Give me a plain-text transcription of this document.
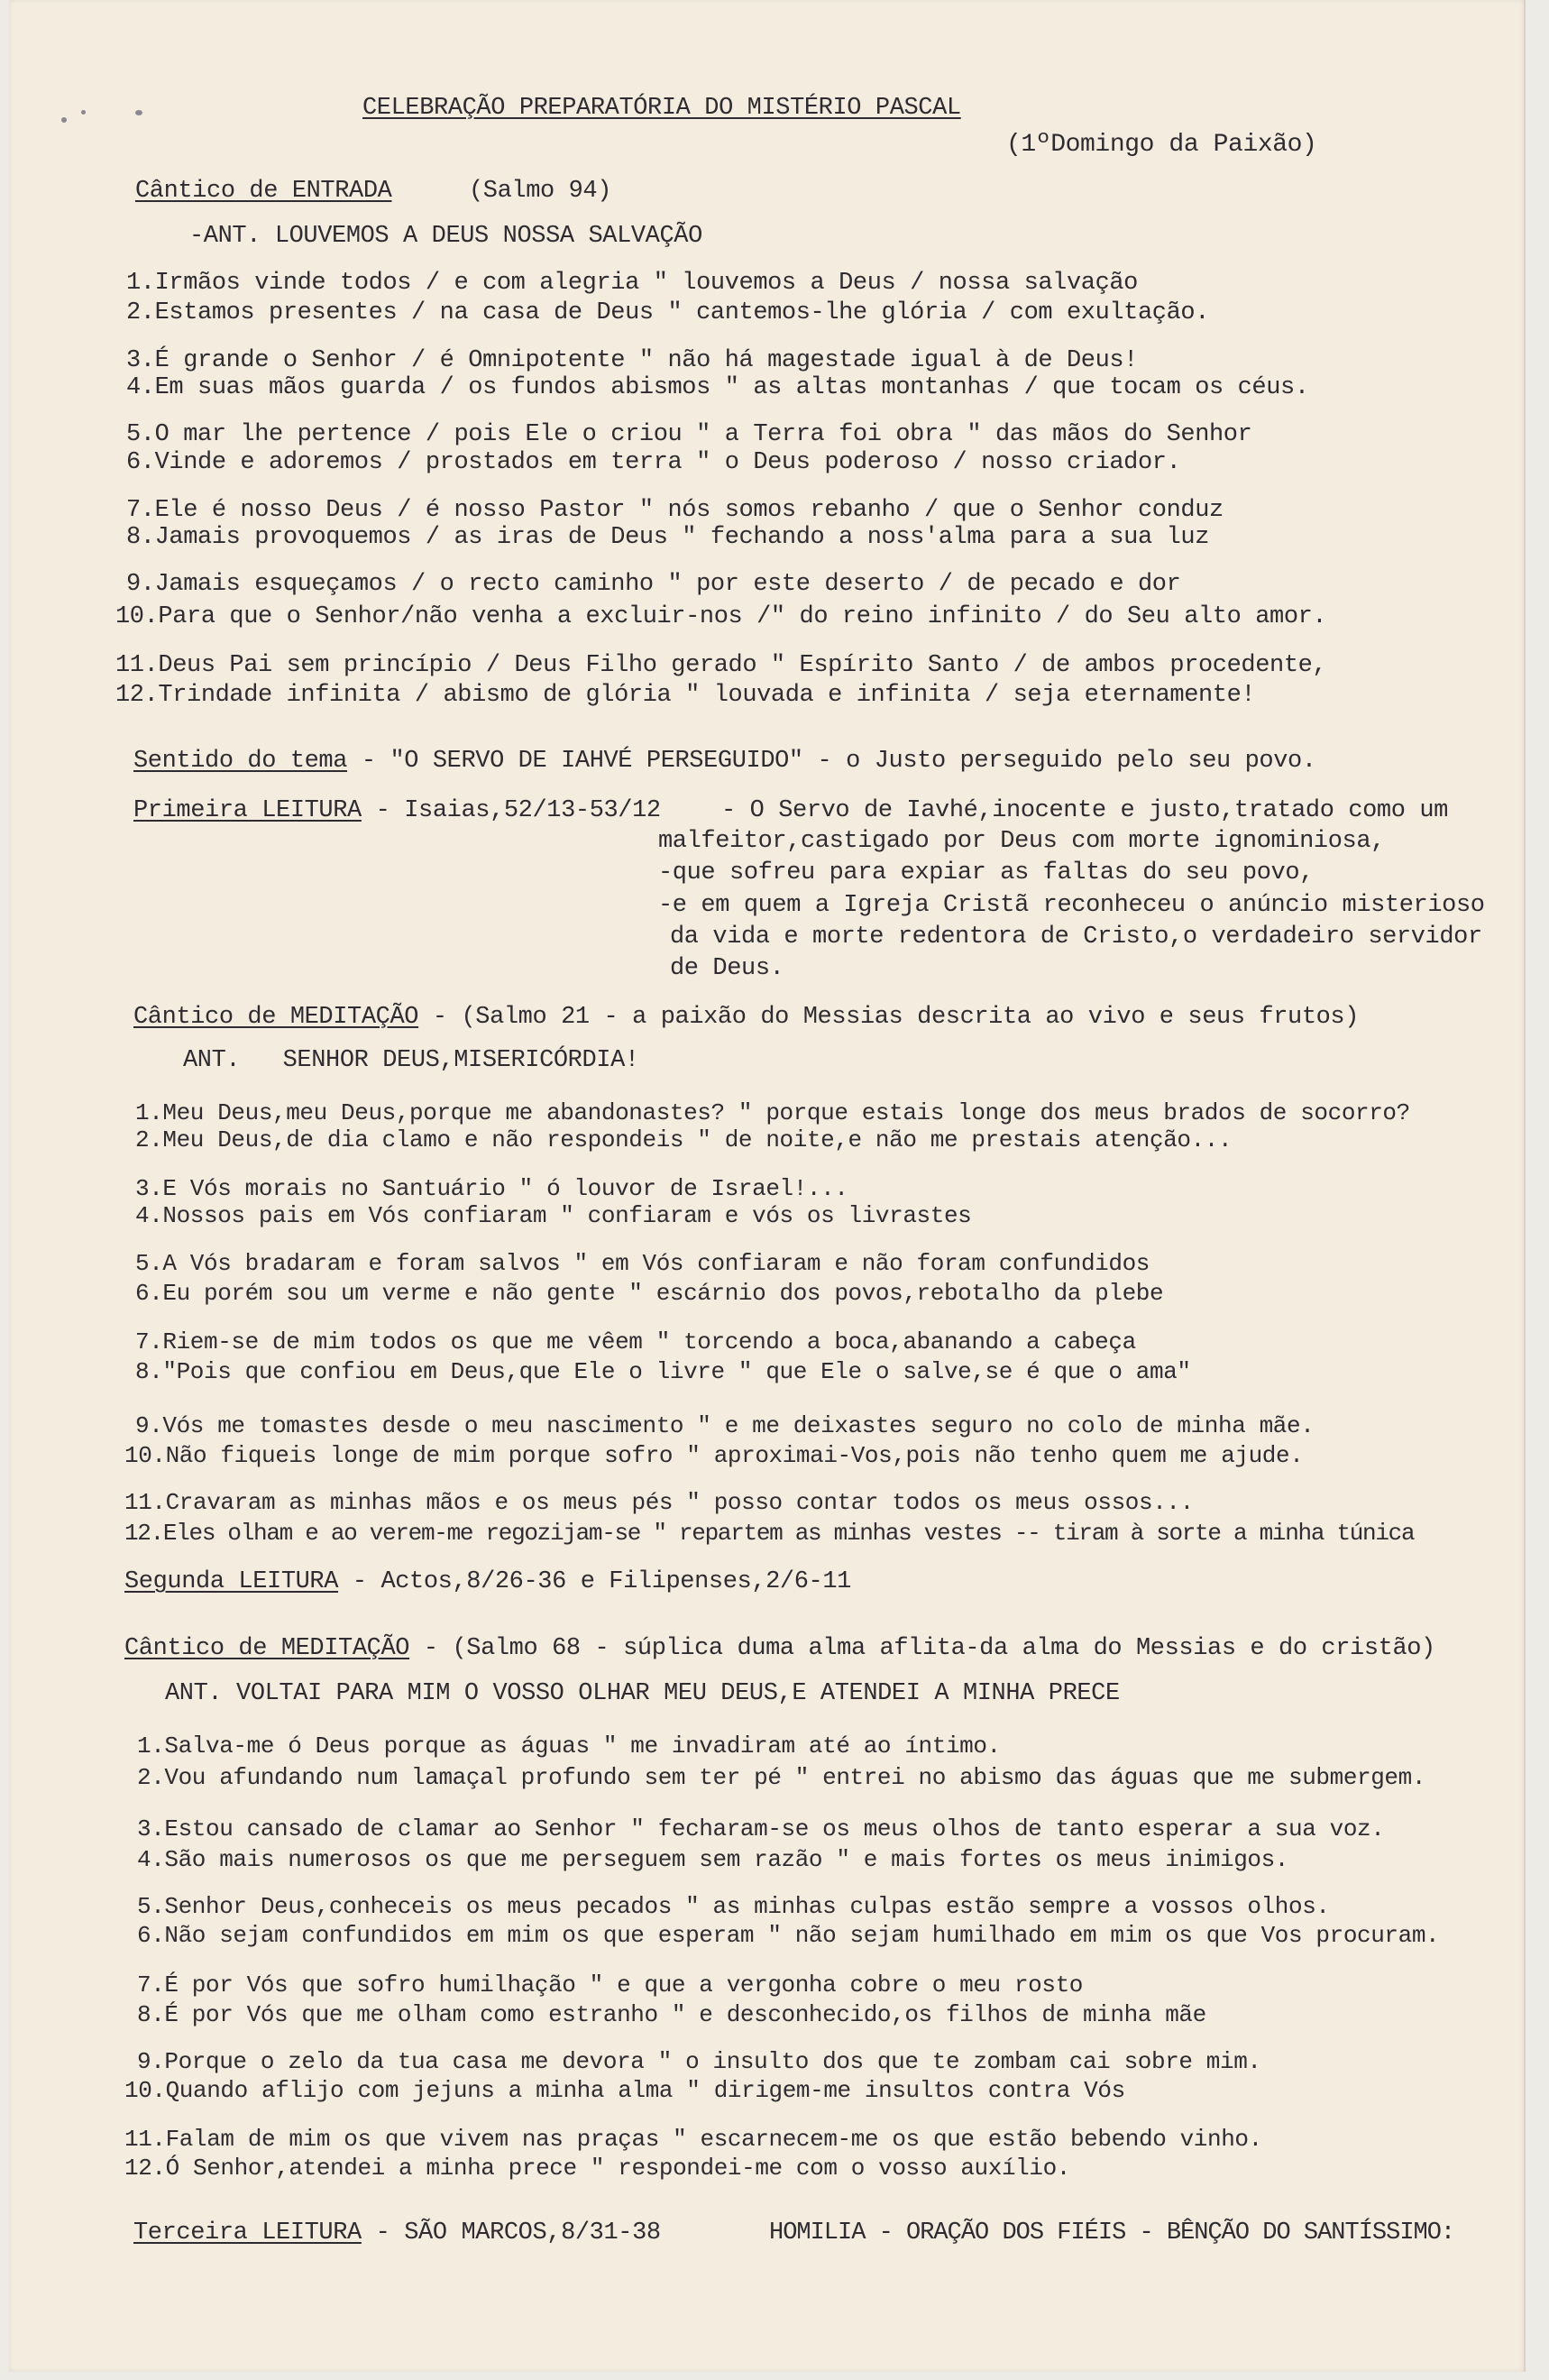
CELEBRAÇÃO PREPARATÓRIA DO MISTÉRIO PASCAL
(1ºDomingo da Paixão)
Cântico de ENTRADA	(Salmo 94)
-ANT. LOUVEMOS A DEUS NOSSA SALVAÇÃO
1.Irmãos vinde todos / e com alegria " louvemos a Deus / nossa salvação
2.Estamos presentes / na casa de Deus " cantemos-lhe glória / com exultação.
3.É grande o Senhor / é Omnipotente " não há magestade igual à de Deus!
4.Em suas mãos guarda / os fundos abismos " as altas montanhas / que tocam os céus.
5.O mar lhe pertence / pois Ele o criou " a Terra foi obra " das mãos do Senhor
6.Vinde e adoremos / prostados em terra " o Deus poderoso / nosso criador.
7.Ele é nosso Deus / é nosso Pastor " nós somos rebanho / que o Senhor conduz
8.Jamais provoquemos / as iras de Deus " fechando a noss'alma para a sua luz
9.Jamais esqueçamos / o recto caminho " por este deserto / de pecado e dor
10.Para que o Senhor/não venha a excluir-nos /" do reino infinito / do Seu alto amor.
11.Deus Pai sem princípio / Deus Filho gerado " Espírito Santo / de ambos procedente,
12.Trindade infinita / abismo de glória " louvada e infinita / seja eternamente!
Sentido do tema - "O SERVO DE IAHVÉ PERSEGUIDO" - o Justo perseguido pelo seu povo.
Primeira LEITURA - Isaias,52/13-53/12 - O Servo de Iavhé,inocente e justo,tratado como um
malfeitor,castigado por Deus com morte ignominiosa,
-que sofreu para expiar as faltas do seu povo,
-e em quem a Igreja Cristã reconheceu o anúncio misterioso
da vida e morte redentora de Cristo,o verdadeiro servidor
de Deus.
Cântico de MEDITAÇÃO - (Salmo 21 - a paixão do Messias descrita ao vivo e seus frutos)
ANT.   SENHOR DEUS,MISERICÓRDIA!
1.Meu Deus,meu Deus,porque me abandonastes? " porque estais longe dos meus brados de socorro?
2.Meu Deus,de dia clamo e não respondeis " de noite,e não me prestais atenção...
3.E Vós morais no Santuário " ó louvor de Israel!...
4.Nossos pais em Vós confiaram " confiaram e vós os livrastes
5.A Vós bradaram e foram salvos " em Vós confiaram e não foram confundidos
6.Eu porém sou um verme e não gente " escárnio dos povos,rebotalho da plebe
7.Riem-se de mim todos os que me vêem " torcendo a boca,abanando a cabeça
8."Pois que confiou em Deus,que Ele o livre " que Ele o salve,se é que o ama"
9.Vós me tomastes desde o meu nascimento " e me deixastes seguro no colo de minha mãe.
10.Não fiqueis longe de mim porque sofro " aproximai-Vos,pois não tenho quem me ajude.
11.Cravaram as minhas mãos e os meus pés " posso contar todos os meus ossos...
12.Eles olham e ao verem-me regozijam-se " repartem as minhas vestes -- tiram à sorte a minha túnica
Segunda LEITURA - Actos,8/26-36 e Filipenses,2/6-11
Cântico de MEDITAÇÃO - (Salmo 68 - súplica duma alma aflita-da alma do Messias e do cristão)
ANT. VOLTAI PARA MIM O VOSSO OLHAR MEU DEUS,E ATENDEI A MINHA PRECE
1.Salva-me ó Deus porque as águas " me invadiram até ao íntimo.
2.Vou afundando num lamaçal profundo sem ter pé " entrei no abismo das águas que me submergem.
3.Estou cansado de clamar ao Senhor " fecharam-se os meus olhos de tanto esperar a sua voz.
4.São mais numerosos os que me perseguem sem razão " e mais fortes os meus inimigos.
5.Senhor Deus,conheceis os meus pecados " as minhas culpas estão sempre a vossos olhos.
6.Não sejam confundidos em mim os que esperam " não sejam humilhado em mim os que Vos procuram.
7.É por Vós que sofro humilhação " e que a vergonha cobre o meu rosto
8.É por Vós que me olham como estranho " e desconhecido,os filhos de minha mãe
9.Porque o zelo da tua casa me devora " o insulto dos que te zombam cai sobre mim.
10.Quando aflijo com jejuns a minha alma " dirigem-me insultos contra Vós
11.Falam de mim os que vivem nas praças " escarnecem-me os que estão bebendo vinho.
12.Ó Senhor,atendei a minha prece " respondei-me com o vosso auxílio.
Terceira LEITURA - SÃO MARCOS,8/31-38	HOMILIA - ORAÇÃO DOS FIÉIS - BÊNÇÃO DO SANTÍSSIMO:
